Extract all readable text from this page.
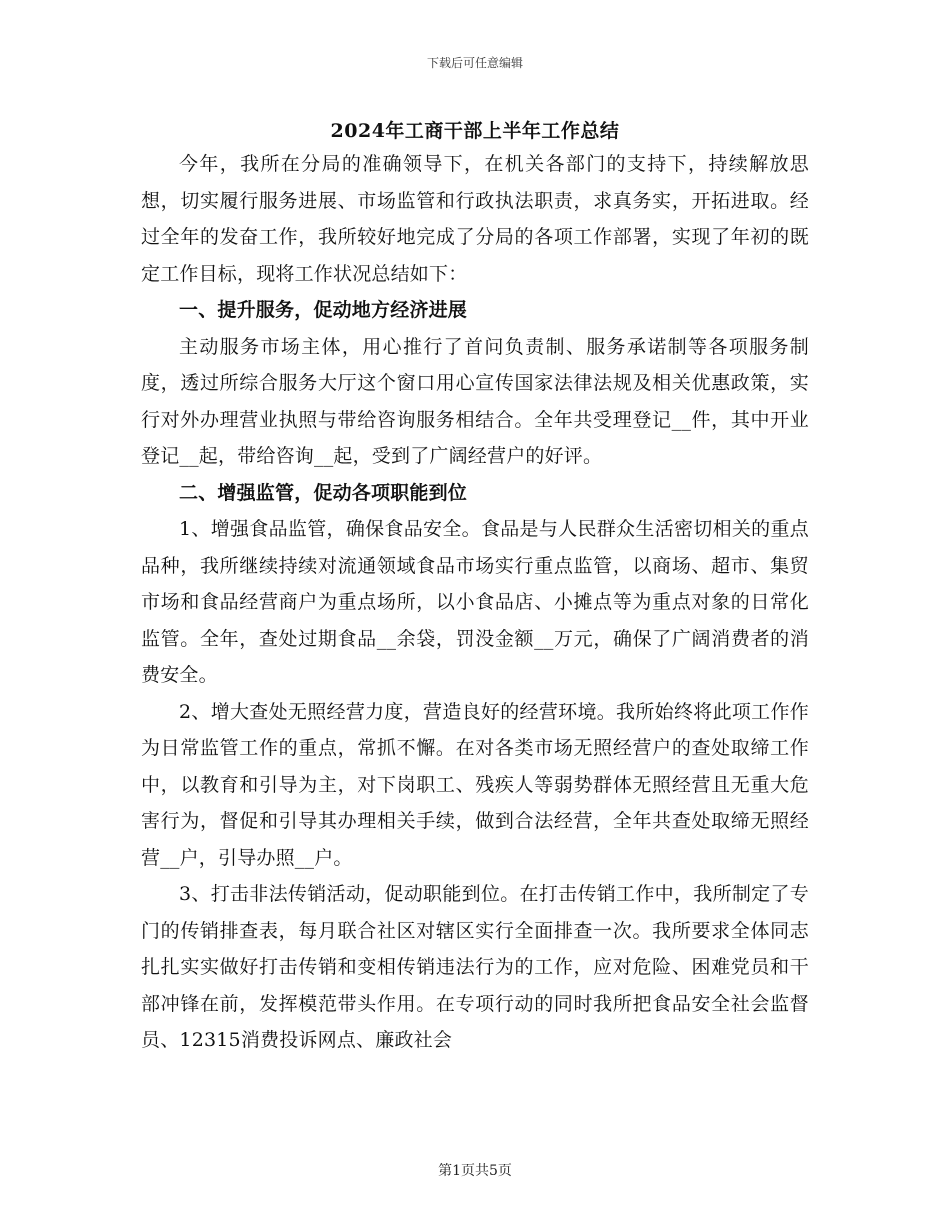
下载后可任意编辑
2024年工商干部上半年工作总结

今年，我所在分局的准确领导下，在机关各部门的支持下，持续解放思想，切实履行服务进展、市场监管和行政执法职责，求真务实，开拓进取。经过全年的发奋工作，我所较好地完成了分局的各项工作部署，实现了年初的既定工作目标，现将工作状况总结如下：

一、提升服务，促动地方经济进展

主动服务市场主体，用心推行了首问负责制、服务承诺制等各项服务制度，透过所综合服务大厅这个窗口用心宣传国家法律法规及相关优惠政策，实行对外办理营业执照与带给咨询服务相结合。全年共受理登记__件，其中开业登记__起，带给咨询__起，受到了广阔经营户的好评。

二、增强监管，促动各项职能到位

1、增强食品监管，确保食品安全。食品是与人民群众生活密切相关的重点品种，我所继续持续对流通领域食品市场实行重点监管，以商场、超市、集贸市场和食品经营商户为重点场所，以小食品店、小摊点等为重点对象的日常化监管。全年，查处过期食品__余袋，罚没金额__万元，确保了广阔消费者的消费安全。

2、增大查处无照经营力度，营造良好的经营环境。我所始终将此项工作作为日常监管工作的重点，常抓不懈。在对各类市场无照经营户的查处取缔工作中，以教育和引导为主，对下岗职工、残疾人等弱势群体无照经营且无重大危害行为，督促和引导其办理相关手续，做到合法经营，全年共查处取缔无照经营__户，引导办照__户。

3、打击非法传销活动，促动职能到位。在打击传销工作中，我所制定了专门的传销排查表，每月联合社区对辖区实行全面排查一次。我所要求全体同志扎扎实实做好打击传销和变相传销违法行为的工作，应对危险、困难党员和干部冲锋在前，发挥模范带头作用。在专项行动的同时我所把食品安全社会监督员、12315消费投诉网点、廉政社会

第1页共5页
